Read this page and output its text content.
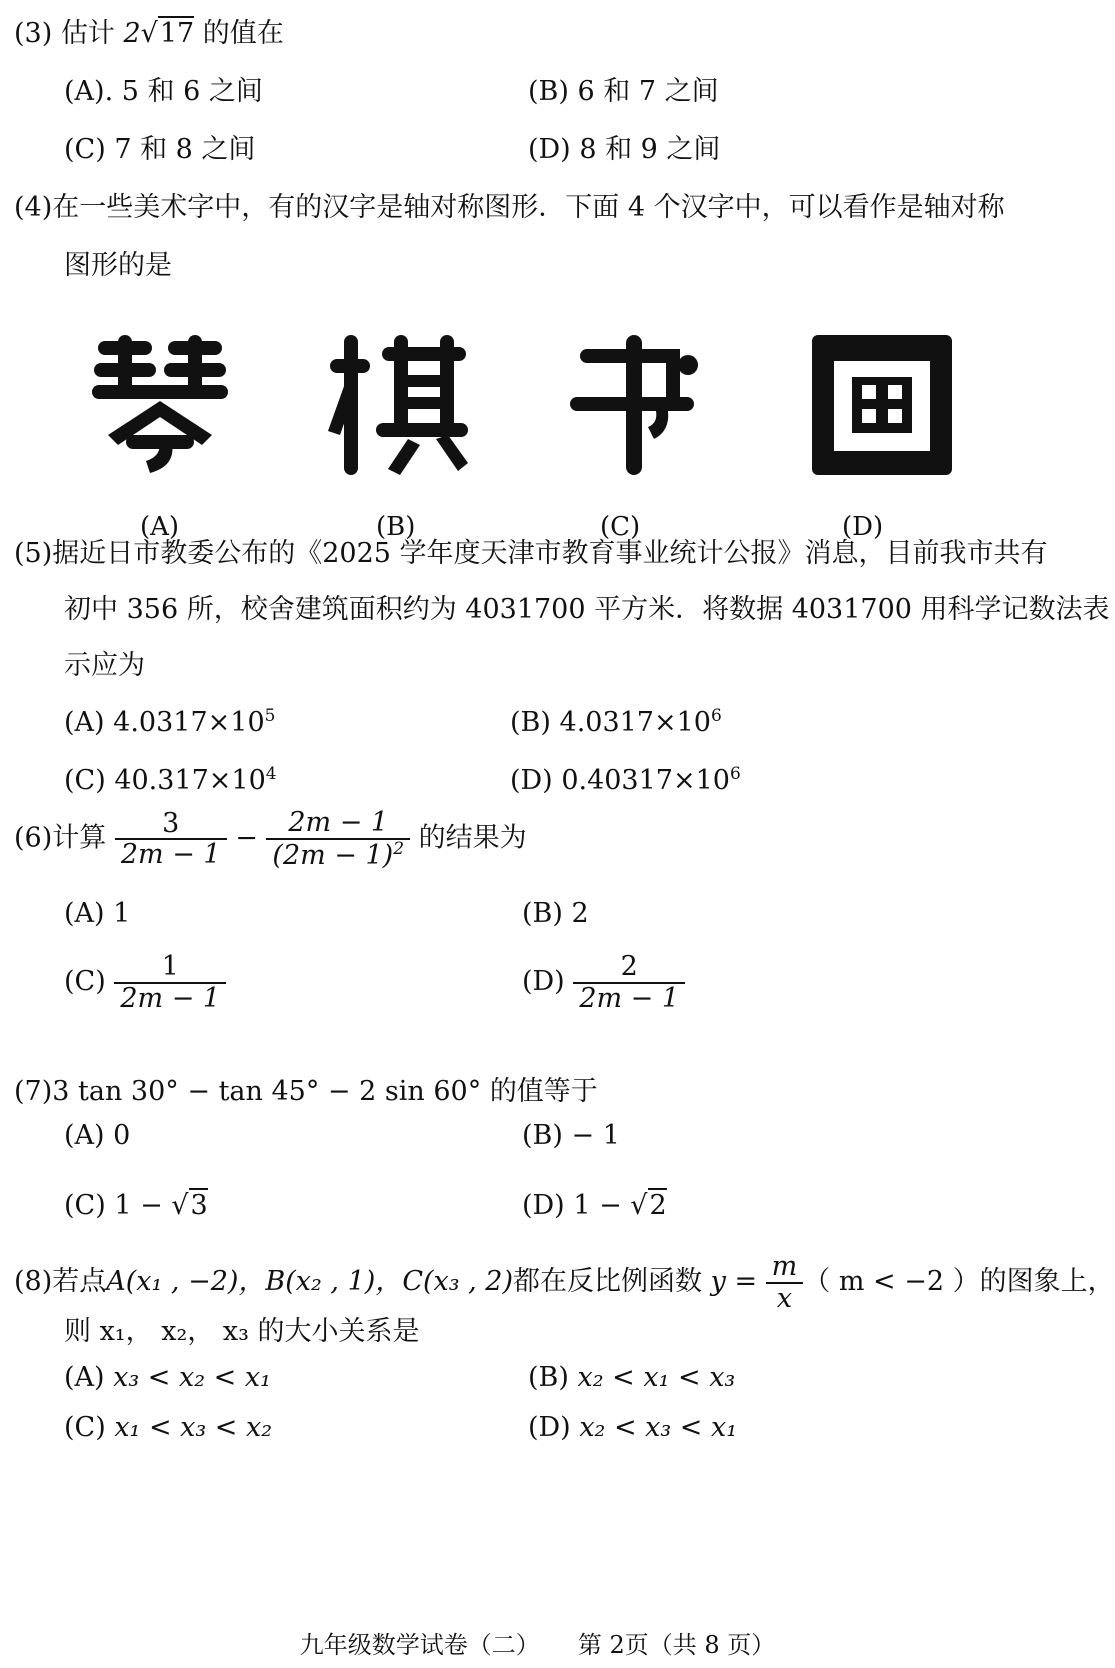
(3) 估计 2√17 的值在
(A). 5 和 6 之间	(B) 6 和 7 之间
(C) 7 和 8 之间	(D) 8 和 9 之间
(4)在一些美术字中，有的汉字是轴对称图形．下面 4 个汉字中，可以看作是轴对称
图形的是
(A)	(B)	(C)	(D)
(5)据近日市教委公布的《2025 学年度天津市教育事业统计公报》消息，目前我市共有
初中 356 所，校舍建筑面积约为 4031700 平方米．将数据 4031700 用科学记数法表
示应为
(A) $4.0317\times 10^5$	(B) $4.0317\times 10^6$
(C) $40.317\times 10^4$	(D) $0.40317\times 10^6$
(6)计算 $\frac{3}{2m - 1} - \frac{2m - 1}{(2m - 1)^2}$ 的结果为
(A) 1	(B) 2
$(C) \frac{1}{2m - 1}$	$(D) \frac{2}{2m - 1}$
(7)3 tan 30° − tan 45° − 2 sin 60° 的值等于
(A) 0	(B) − 1
(C) 1 − √3	(D) 1 − √2
(8)若点A(x₁ , −2)，B(x₂ , 1)，C(x₃ , 2)都在反比例函数 $y = \frac{m}{x}$ （ m < −2 ）的图象上，
则 x₁， x₂， x₃ 的大小关系是
(A) x₃ < x₂ < x₁	(B) x₂ < x₁ < x₃
(C) x₁ < x₃ < x₂	(D) x₂ < x₃ < x₁
九年级数学试卷（二） 第 2页（共 8 页）
